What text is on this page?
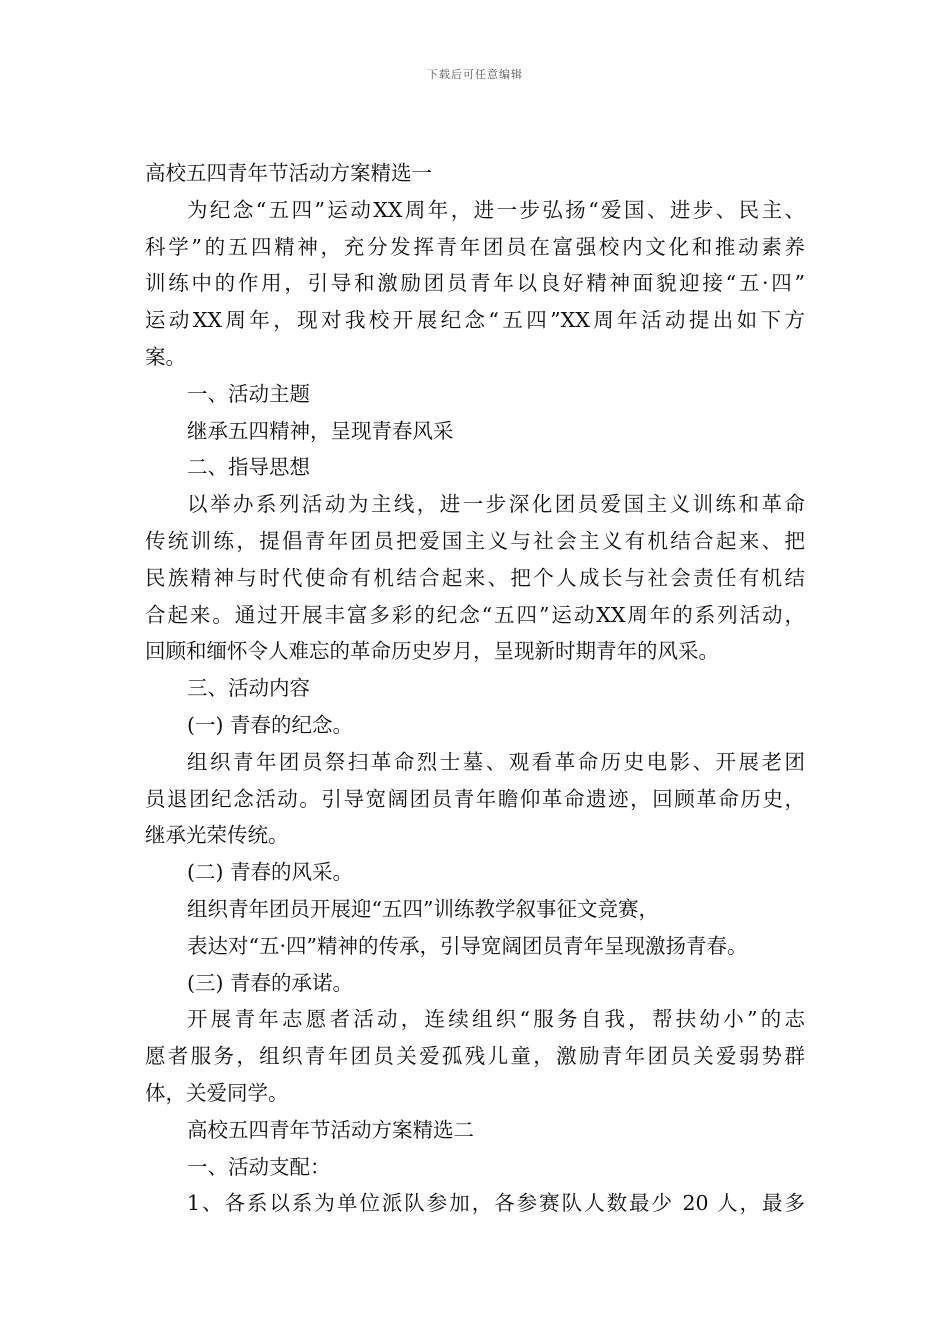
下载后可任意编辑

高校五四青年节活动方案精选一

为纪念“五四”运动XX周年，进一步弘扬“爱国、进步、民主、

科学”的五四精神，充分发挥青年团员在富强校内文化和推动素养

训练中的作用，引导和激励团员青年以良好精神面貌迎接“五·四”

运动XX周年，现对我校开展纪念“五四”XX周年活动提出如下方

案。

一、活动主题

继承五四精神，呈现青春风采

二、指导思想

以举办系列活动为主线，进一步深化团员爱国主义训练和革命

传统训练，提倡青年团员把爱国主义与社会主义有机结合起来、把

民族精神与时代使命有机结合起来、把个人成长与社会责任有机结

合起来。通过开展丰富多彩的纪念“五四”运动XX周年的系列活动，

回顾和缅怀令人难忘的革命历史岁月，呈现新时期青年的风采。

三、活动内容

(一) 青春的纪念。

组织青年团员祭扫革命烈士墓、观看革命历史电影、开展老团

员退团纪念活动。引导宽阔团员青年瞻仰革命遗迹，回顾革命历史，

继承光荣传统。

(二) 青春的风采。

组织青年团员开展迎“五四”训练教学叙事征文竞赛，

表达对“五·四”精神的传承，引导宽阔团员青年呈现激扬青春。

(三) 青春的承诺。

开展青年志愿者活动，连续组织“服务自我，帮扶幼小”的志

愿者服务，组织青年团员关爱孤残儿童，激励青年团员关爱弱势群

体，关爱同学。

高校五四青年节活动方案精选二

一、活动支配：

1、各系以系为单位派队参加，各参赛队人数最少 20 人，最多
